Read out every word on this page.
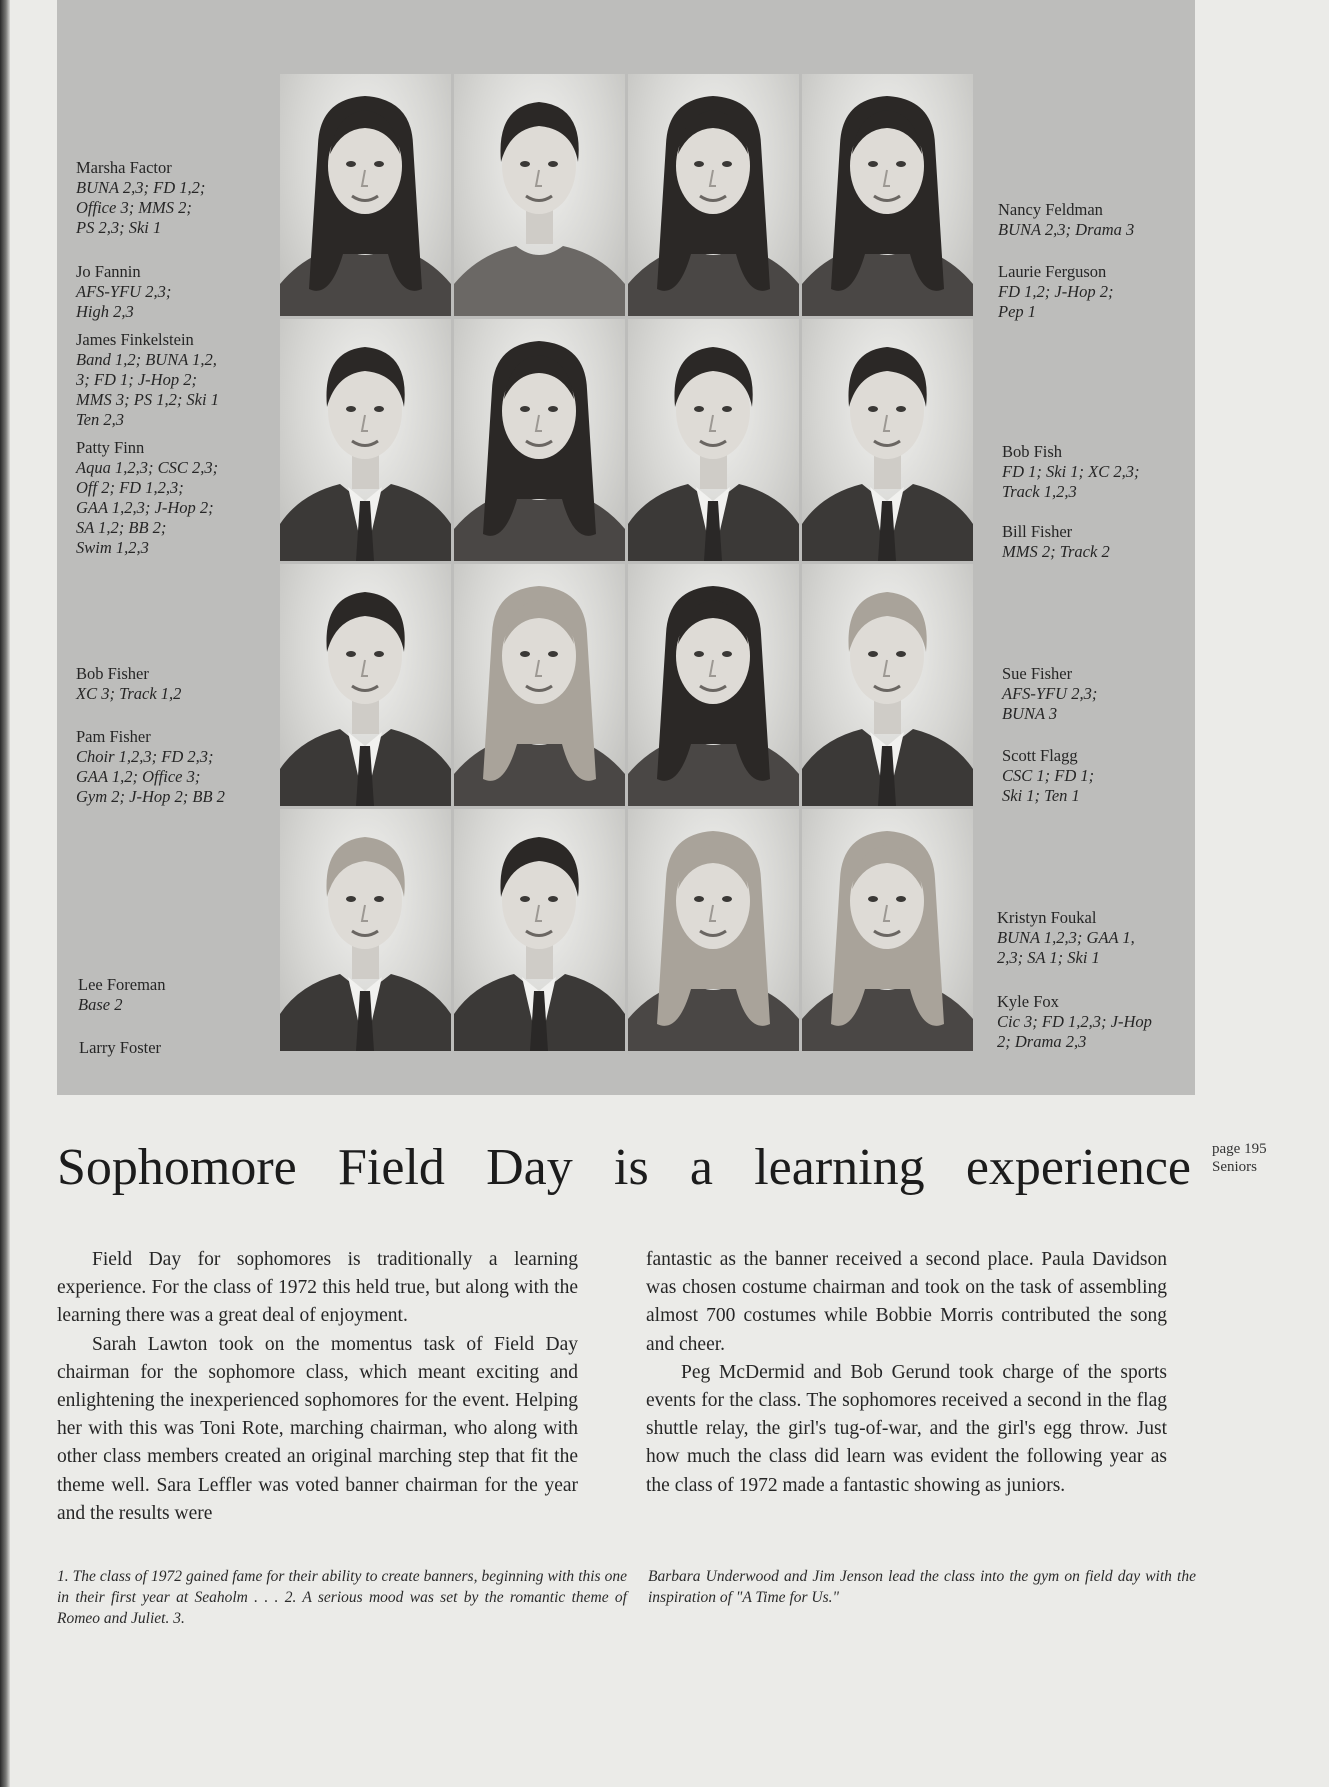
Marsha Factor
BUNA 2,3; FD 1,2;
Office 3; MMS 2;
PS 2,3; Ski 1
Jo Fannin
AFS-YFU 2,3;
High 2,3
James Finkelstein
Band 1,2; BUNA 1,2,
3; FD 1; J-Hop 2;
MMS 3; PS 1,2; Ski 1
Ten 2,3
Patty Finn
Aqua 1,2,3; CSC 2,3;
Off 2; FD 1,2,3;
GAA 1,2,3; J-Hop 2;
SA 1,2; BB 2;
Swim 1,2,3
Bob Fisher
XC 3; Track 1,2
Pam Fisher
Choir 1,2,3; FD 2,3;
GAA 1,2; Office 3;
Gym 2; J-Hop 2; BB 2
Lee Foreman
Base 2
Larry Foster
Nancy Feldman
BUNA 2,3; Drama 3
Laurie Ferguson
FD 1,2; J-Hop 2;
Pep 1
Bob Fish
FD 1; Ski 1; XC 2,3;
Track 1,2,3
Bill Fisher
MMS 2; Track 2
Sue Fisher
AFS-YFU 2,3;
BUNA 3
Scott Flagg
CSC 1; FD 1;
Ski 1; Ten 1
Kristyn Foukal
BUNA 1,2,3; GAA 1,
2,3; SA 1; Ski 1
Kyle Fox
Cic 3; FD 1,2,3; J-Hop
2; Drama 2,3
Sophomore Field Day is a learning experience page 195
Seniors

Field Day for sophomores is traditionally a learning experience. For the class of 1972 this held true, but along with the learning there was a great deal of enjoyment.

Sarah Lawton took on the momentus task of Field Day chairman for the sophomore class, which meant exciting and enlightening the inexperienced sophomores for the event. Helping her with this was Toni Rote, marching chairman, who along with other class members created an original marching step that fit the theme well. Sara Leffler was voted banner chairman for the year and the results were

fantastic as the banner received a second place. Paula Davidson was chosen costume chairman and took on the task of assembling almost 700 costumes while Bobbie Morris contributed the song and cheer.

Peg McDermid and Bob Gerund took charge of the sports events for the class. The sophomores received a second in the flag shuttle relay, the girl's tug-of-war, and the girl's egg throw. Just how much the class did learn was evident the following year as the class of 1972 made a fantastic showing as juniors.

1. The class of 1972 gained fame for their ability to create banners, beginning with this one in their first year at Seaholm . . . 2. A serious mood was set by the romantic theme of Romeo and Juliet. 3.
Barbara Underwood and Jim Jenson lead the class into the gym on field day with the inspiration of "A Time for Us."
